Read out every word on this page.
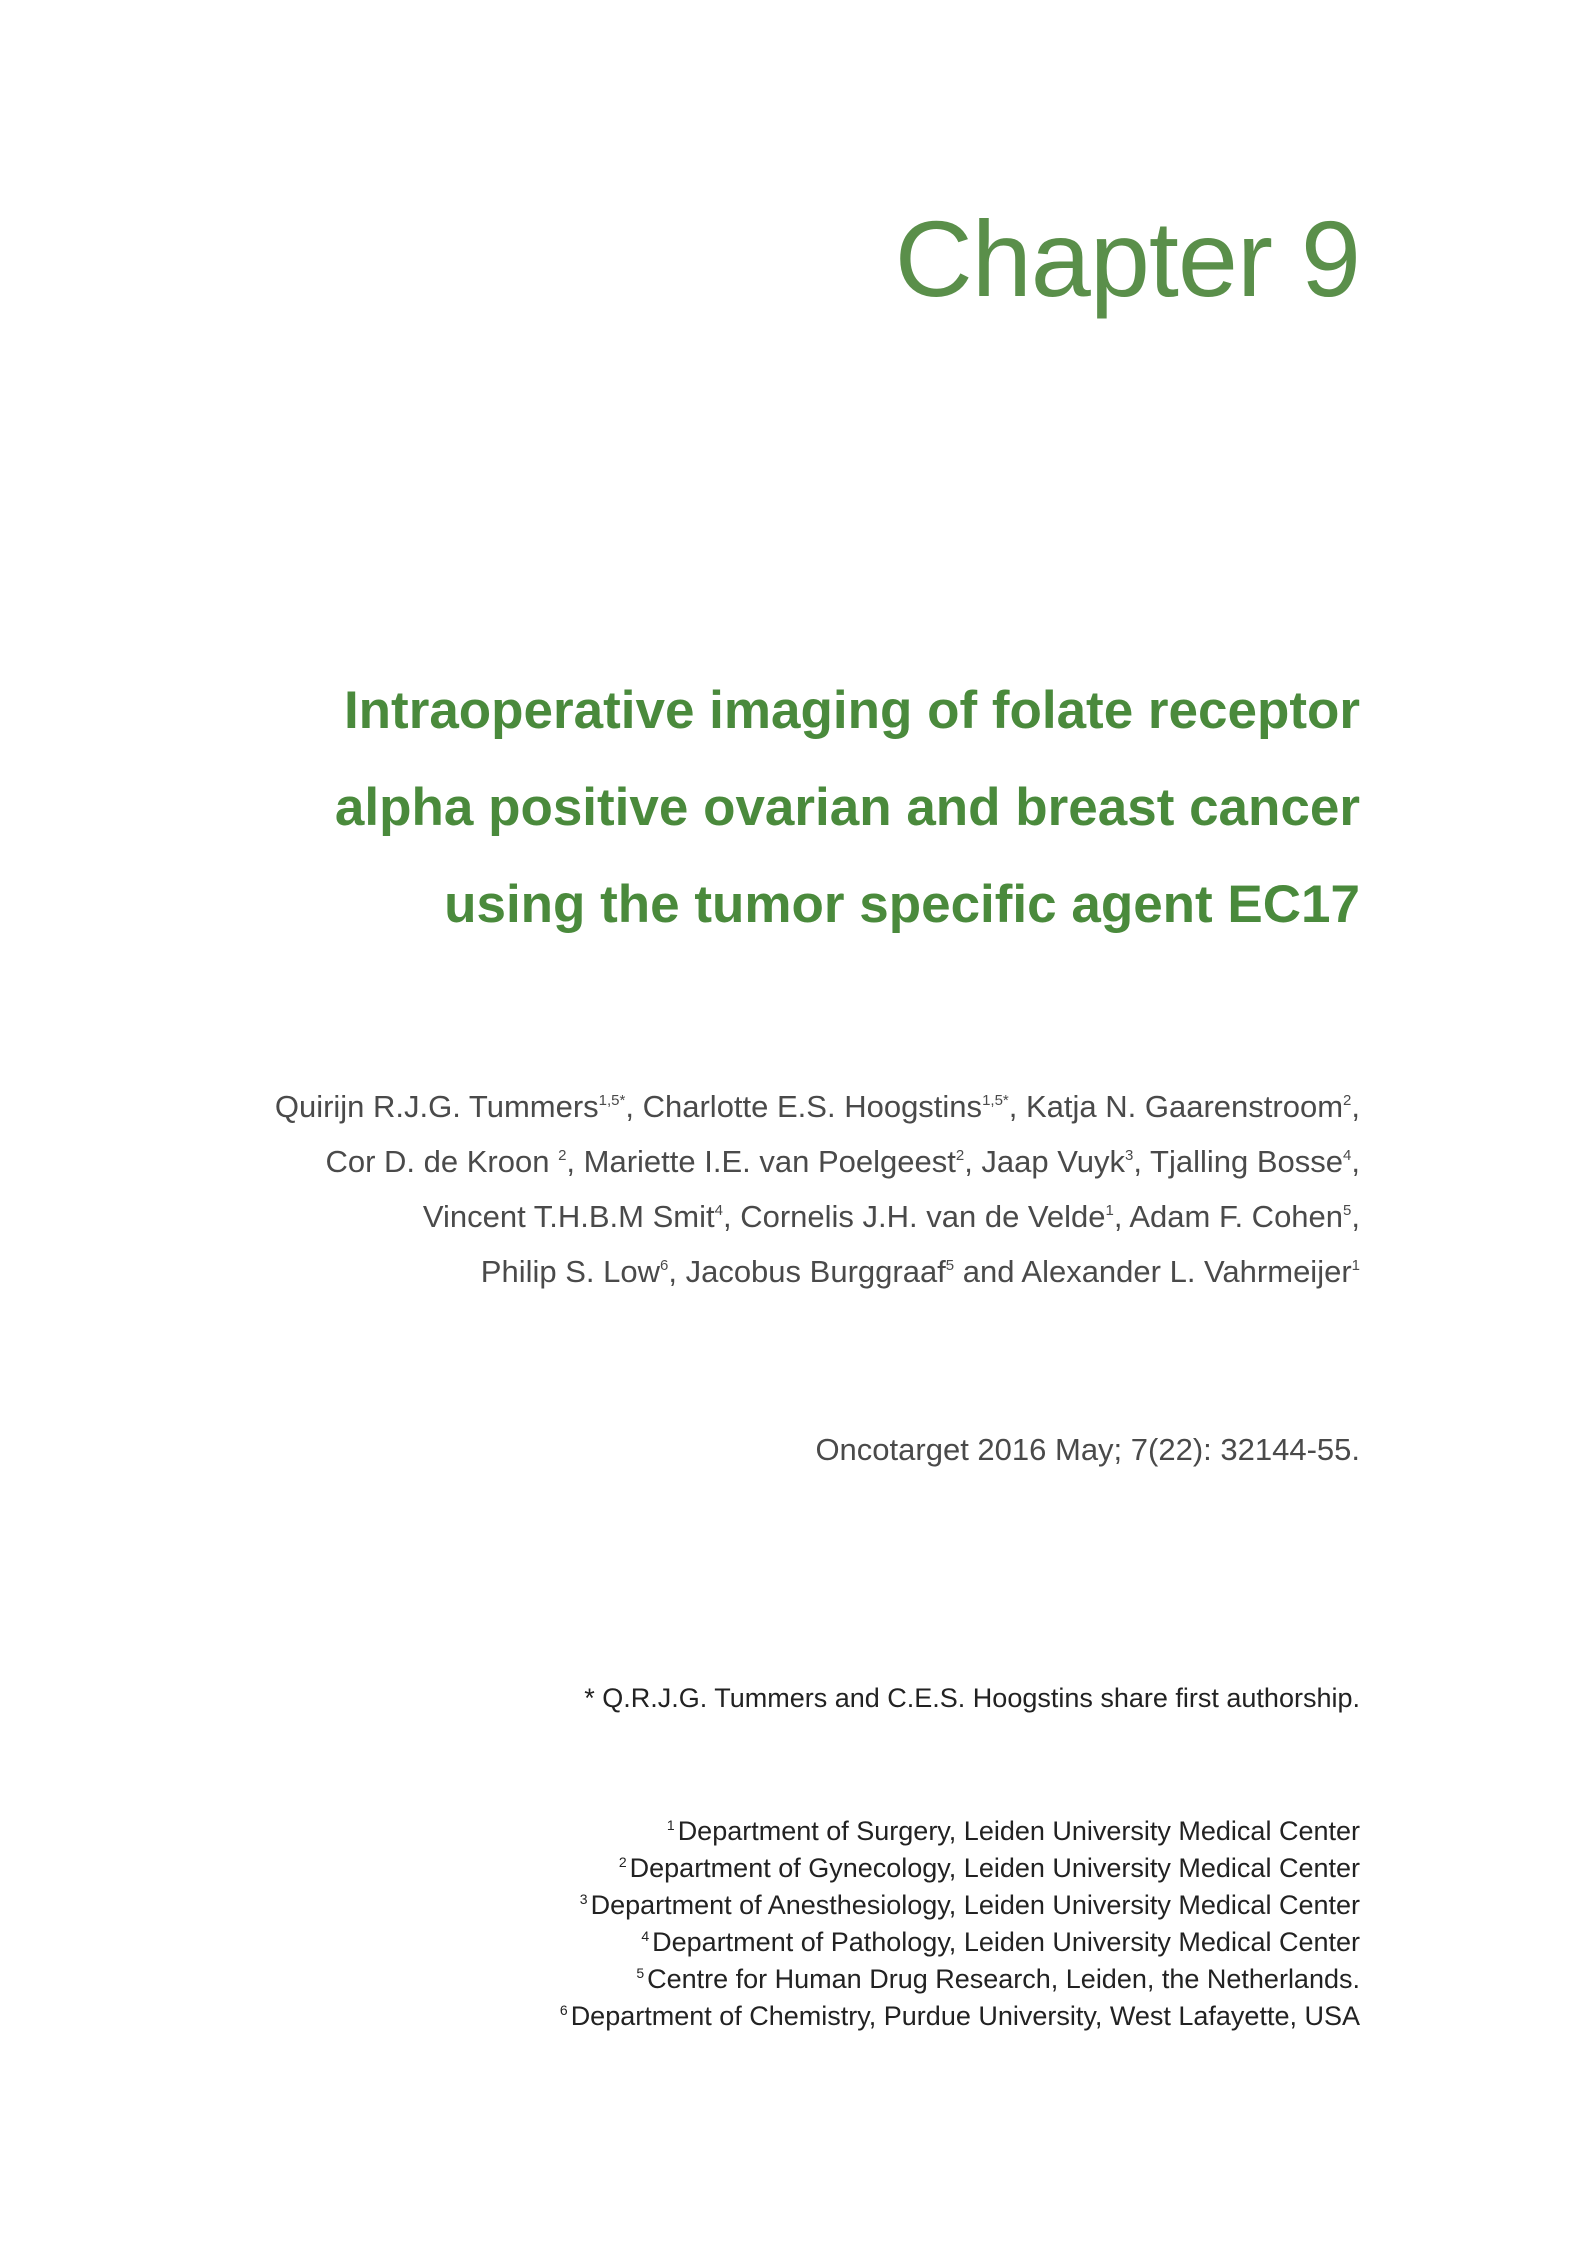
Chapter 9
Intraoperative imaging of folate receptor
alpha positive ovarian and breast cancer
using the tumor specific agent EC17
Quirijn R.J.G. Tummers$^{1,5*}$, Charlotte E.S. Hoogstins$^{1,5*}$, Katja N. Gaarenstroom$^2$,
Cor D. de Kroon $^2$, Mariette I.E. van Poelgeest$^2$, Jaap Vuyk$^3$, Tjalling Bosse$^4$,
Vincent T.H.B.M Smit$^4$, Cornelis J.H. van de Velde$^1$, Adam F. Cohen$^5$,
Philip S. Low$^6$, Jacobus Burggraaf$^5$ and Alexander L. Vahrmeijer$^1$
Oncotarget 2016 May; 7(22): 32144-55.
* Q.R.J.G. Tummers and C.E.S. Hoogstins share first authorship.
$^1$ Department of Surgery, Leiden University Medical Center
$^2$ Department of Gynecology, Leiden University Medical Center
$^3$ Department of Anesthesiology, Leiden University Medical Center
$^4$ Department of Pathology, Leiden University Medical Center
$^5$ Centre for Human Drug Research, Leiden, the Netherlands.
$^6$ Department of Chemistry, Purdue University, West Lafayette, USA
